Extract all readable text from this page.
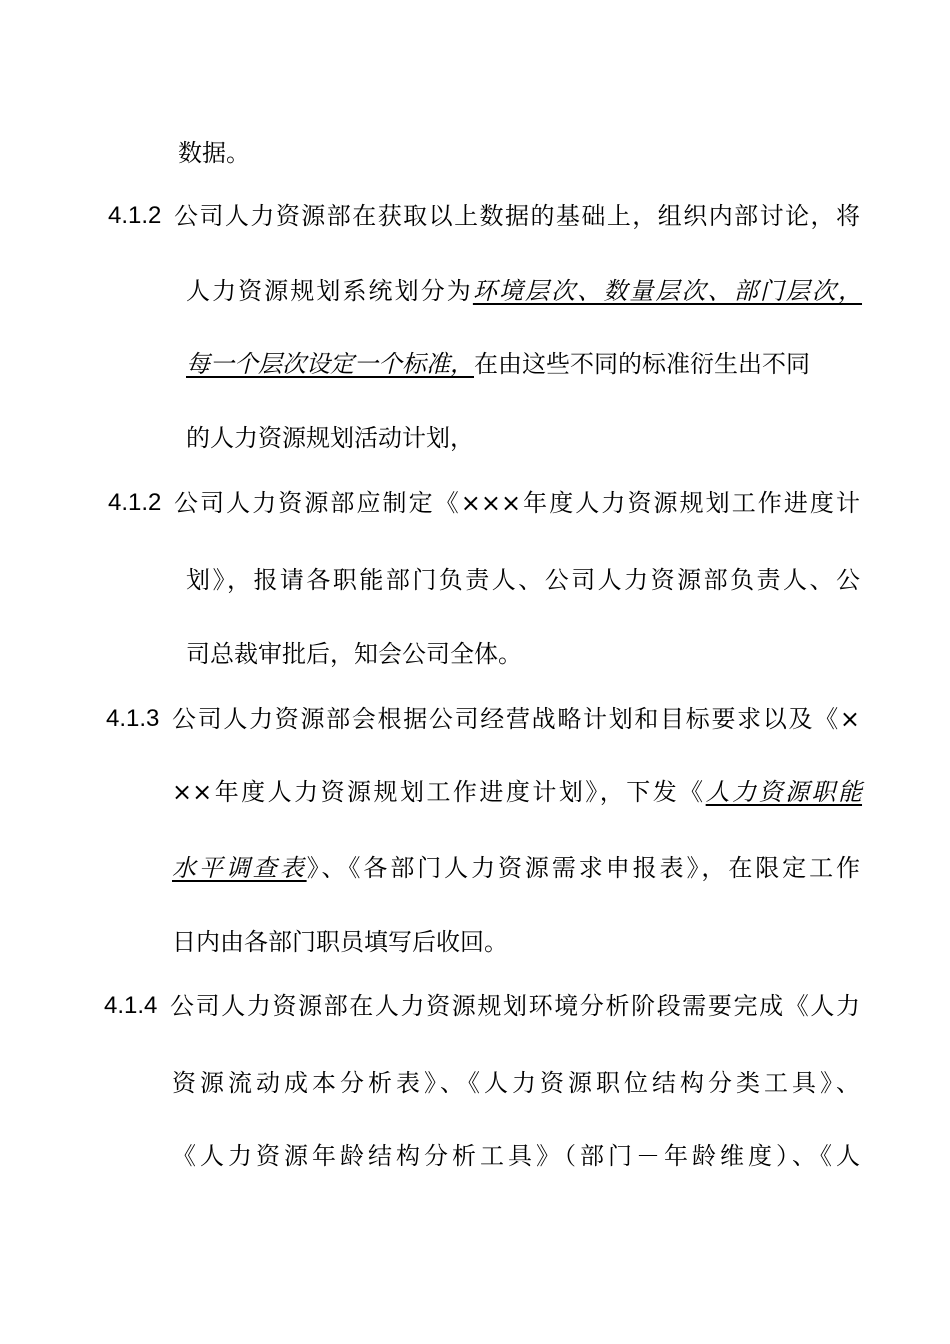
数据。
4.1.2 公司人力资源部在获取以上数据的基础上，组织内部讨论，将
人力资源规划系统划分为环境层次、数量层次、部门层次，
每一个层次设定一个标准，在由这些不同的标准衍生出不同
的人力资源规划活动计划，
4.1.2 公司人力资源部应制定《×××年度人力资源规划工作进度计
划》，报请各职能部门负责人、公司人力资源部负责人、公
司总裁审批后，知会公司全体。
4.1.3 公司人力资源部会根据公司经营战略计划和目标要求以及《×
××年度人力资源规划工作进度计划》，下发《人力资源职能
水平调查表》、《各部门人力资源需求申报表》，在限定工作
日内由各部门职员填写后收回。
4.1.4 公司人力资源部在人力资源规划环境分析阶段需要完成《人力
资源流动成本分析表》、《人力资源职位结构分类工具》、
《人力资源年龄结构分析工具》（部门－年龄维度）、《人
